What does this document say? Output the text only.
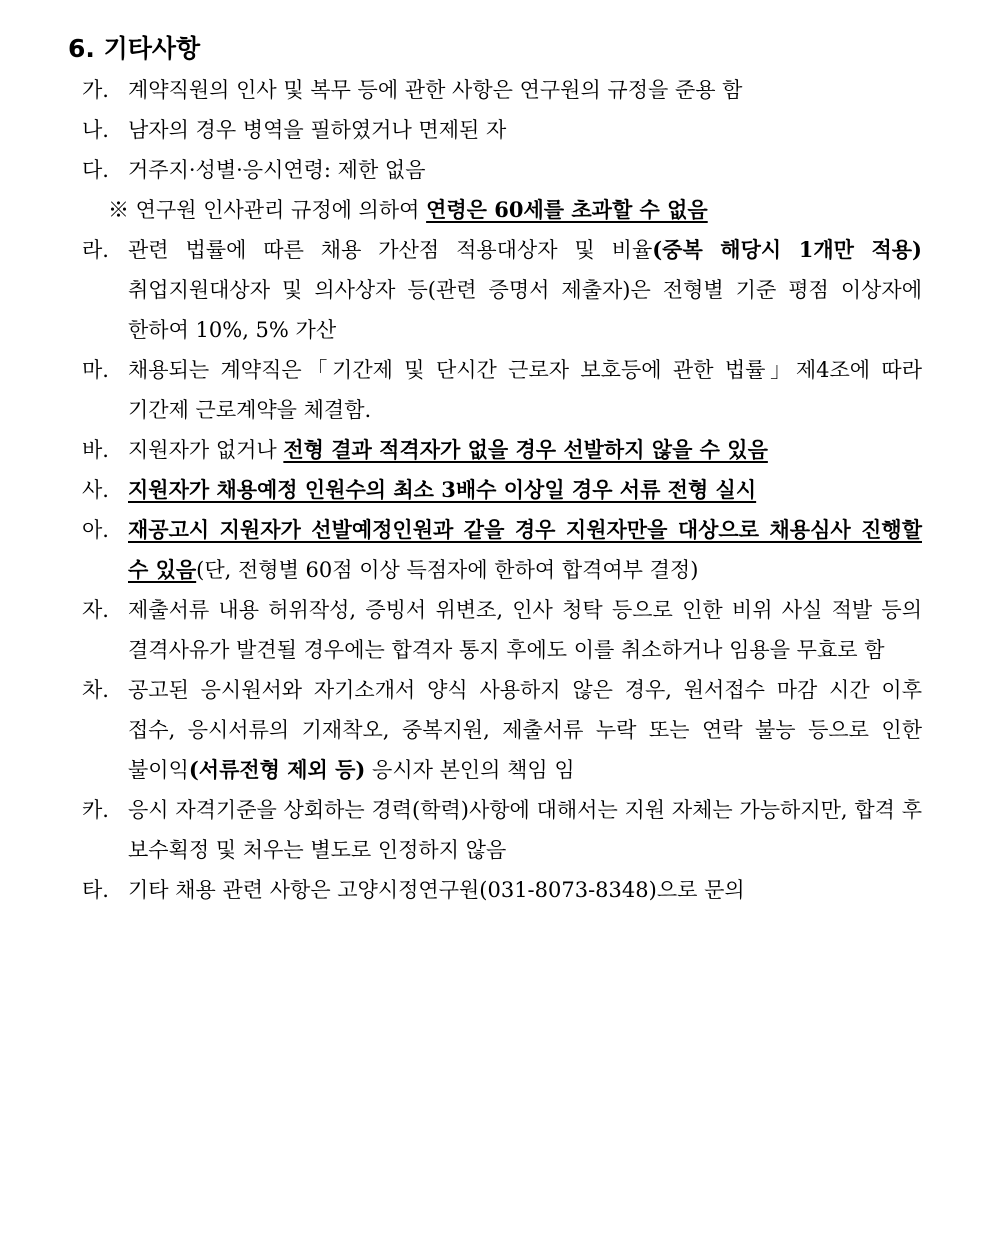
6. 기타사항
가. 계약직원의 인사 및 복무 등에 관한 사항은 연구원의 규정을 준용 함
나. 남자의 경우 병역을 필하였거나 면제된 자
다. 거주지·성별·응시연령: 제한 없음
※ 연구원 인사관리 규정에 의하여 연령은 60세를 초과할 수 없음
라. 관련 법률에 따른 채용 가산점 적용대상자 및 비율(중복 해당시 1개만 적용) 취업지원대상자 및 의사상자 등(관련 증명서 제출자)은 전형별 기준 평점 이상자에 한하여 10%, 5% 가산
마. 채용되는 계약직은「기간제 및 단시간 근로자 보호등에 관한 법률」제4조에 따라 기간제 근로계약을 체결함.
바. 지원자가 없거나 전형 결과 적격자가 없을 경우 선발하지 않을 수 있음
사. 지원자가 채용예정 인원수의 최소 3배수 이상일 경우 서류 전형 실시
아. 재공고시 지원자가 선발예정인원과 같을 경우 지원자만을 대상으로 채용심사 진행할 수 있음(단, 전형별 60점 이상 득점자에 한하여 합격여부 결정)
자. 제출서류 내용 허위작성, 증빙서 위변조, 인사 청탁 등으로 인한 비위 사실 적발 등의 결격사유가 발견될 경우에는 합격자 통지 후에도 이를 취소하거나 임용을 무효로 함
차. 공고된 응시원서와 자기소개서 양식 사용하지 않은 경우, 원서접수 마감 시간 이후 접수, 응시서류의 기재착오, 중복지원, 제출서류 누락 또는 연락 불능 등으로 인한 불이익(서류전형 제외 등) 응시자 본인의 책임 임
카. 응시 자격기준을 상회하는 경력(학력)사항에 대해서는 지원 자체는 가능하지만, 합격 후 보수획정 및 처우는 별도로 인정하지 않음
타. 기타 채용 관련 사항은 고양시정연구원(031-8073-8348)으로 문의
